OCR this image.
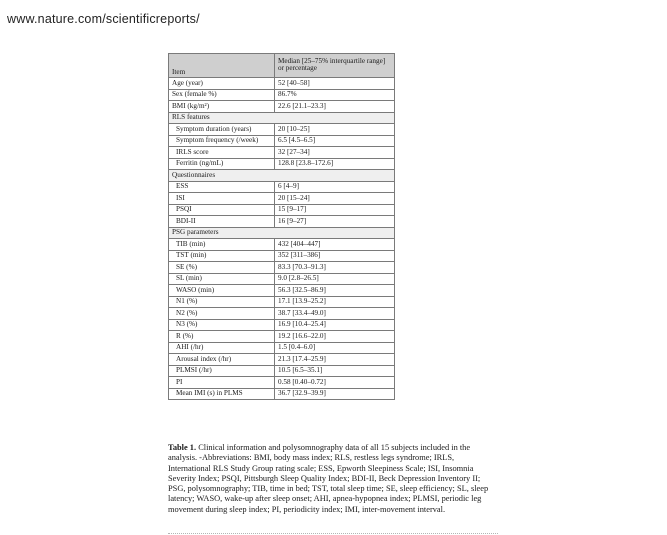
www.nature.com/scientificreports/
Item	Median [25–75% interquartile range] or percentage
Age (year)	52 [40–58]
Sex (female %)	86.7%
BMI (kg/m²)	22.6 [21.1–23.3]
RLS features	
Symptom duration (years)	20 [10–25]
Symptom frequency (/week)	6.5 [4.5–6.5]
IRLS score	32 [27–34]
Ferritin (ng/mL)	128.8 [23.8–172.6]
Questionnaires	
ESS	6 [4–9]
ISI	20 [15–24]
PSQI	15 [9–17]
BDI-II	16 [9–27]
PSG parameters	
TIB (min)	432 [404–447]
TST (min)	352 [311–386]
SE (%)	83.3 [70.3–91.3]
SL (min)	9.0 [2.8–26.5]
WASO (min)	56.3 [32.5–86.9]
N1 (%)	17.1 [13.9–25.2]
N2 (%)	38.7 [33.4–49.0]
N3 (%)	16.9 [10.4–25.4]
R (%)	19.2 [16.6–22.0]
AHI (/hr)	1.5 [0.4–6.0]
Arousal index (/hr)	21.3 [17.4–25.9]
PLMSI (/hr)	10.5 [6.5–35.1]
PI	0.58 [0.40–0.72]
Mean IMI (s) in PLMS	36.7 [32.9–39.9]
Table 1. Clinical information and polysomnography data of all 15 subjects included in the analysis. -Abbreviations: BMI, body mass index; RLS, restless legs syndrome; IRLS, International RLS Study Group rating scale; ESS, Epworth Sleepiness Scale; ISI, Insomnia Severity Index; PSQI, Pittsburgh Sleep Quality Index; BDI-II, Beck Depression Inventory II; PSG, polysomnography; TIB, time in bed; TST, total sleep time; SE, sleep efficiency; SL, sleep latency; WASO, wake-up after sleep onset; AHI, apnea-hypopnea index; PLMSI, periodic leg movement during sleep index; PI, periodicity index; IMI, inter-movement interval.
